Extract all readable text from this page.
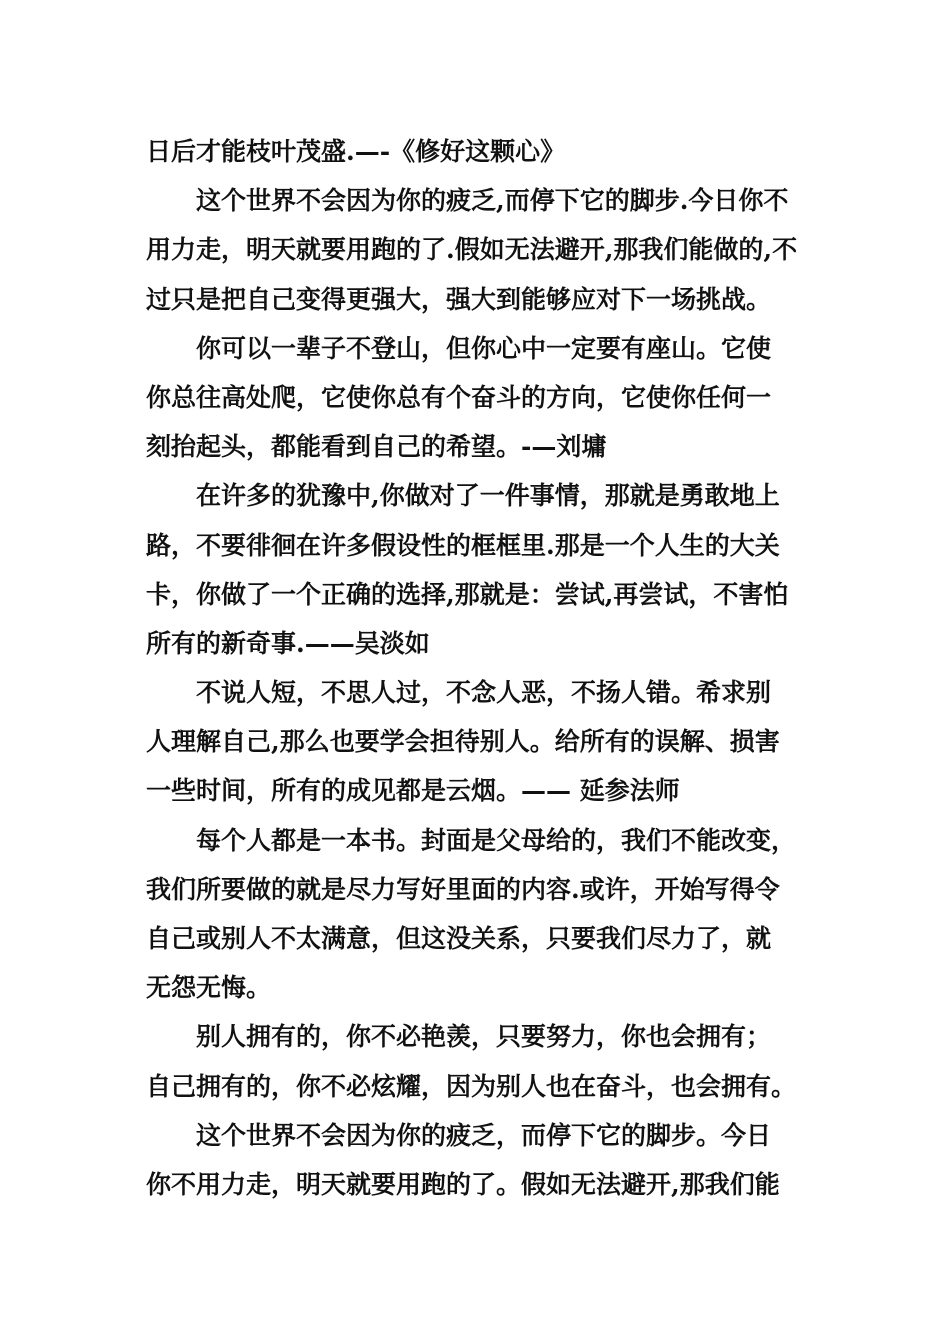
日后才能枝叶茂盛.—-《修好这颗心》
这个世界不会因为你的疲乏,而停下它的脚步.今日你不
用力走，明天就要用跑的了.假如无法避开,那我们能做的,不
过只是把自己变得更强大，强大到能够应对下一场挑战。
你可以一辈子不登山，但你心中一定要有座山。它使
你总往高处爬，它使你总有个奋斗的方向，它使你任何一
刻抬起头，都能看到自己的希望。-—刘墉
在许多的犹豫中,你做对了一件事情，那就是勇敢地上
路，不要徘徊在许多假设性的框框里.那是一个人生的大关
卡，你做了一个正确的选择,那就是：尝试,再尝试，不害怕
所有的新奇事.——吴淡如
不说人短，不思人过，不念人恶，不扬人错。希求别
人理解自己,那么也要学会担待别人。给所有的误解、损害
一些时间，所有的成见都是云烟。—— 延参法师
每个人都是一本书。封面是父母给的，我们不能改变，
我们所要做的就是尽力写好里面的内容.或许，开始写得令
自己或别人不太满意，但这没关系，只要我们尽力了，就
无怨无悔。
别人拥有的，你不必艳羡，只要努力，你也会拥有；
自己拥有的，你不必炫耀，因为别人也在奋斗，也会拥有。
这个世界不会因为你的疲乏，而停下它的脚步。今日
你不用力走，明天就要用跑的了。假如无法避开,那我们能
